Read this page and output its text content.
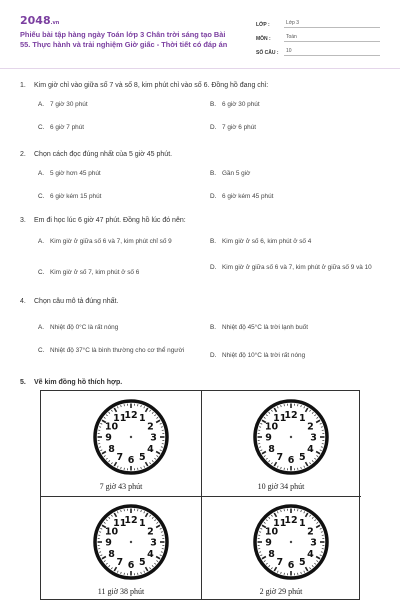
2048.vn
Phiếu bài tập hàng ngày Toán lớp 3 Chân trời sáng tạo Bài 55. Thực hành và trải nghiệm Giờ giấc - Thời tiết có đáp án
LỚP :	Lớp 3
MÔN :	Toán
SỐ CÂU :	10
1. Kim giờ chỉ vào giữa số 7 và số 8, kim phút chỉ vào số 6. Đồng hồ đang chỉ:
A. 7 giờ 30 phút	B. 6 giờ 30 phút
C. 6 giờ 7 phút	D. 7 giờ 6 phút
2. Chọn cách đọc đúng nhất của 5 giờ 45 phút.
A. 5 giờ hơn 45 phút	B. Gần 5 giờ
C. 6 giờ kém 15 phút	D. 6 giờ kém 45 phút
3. Em đi học lúc 6 giờ 47 phút. Đồng hồ lúc đó nên:
A. Kim giờ ở giữa số 6 và 7, kim phút chỉ số 9	B. Kim giờ ở số 6, kim phút ở số 4
C. Kim giờ ở số 7, kim phút ở số 6
D. Kim giờ ở giữa số 6 và 7, kim phút ở giữa số 9 và 10
4. Chọn câu mô tả đúng nhất.
A. Nhiệt độ 0°C là rất nóng	B. Nhiệt độ 45°C là trời lạnh buốt
C. Nhiệt độ 37°C là bình thường cho cơ thể người
D. Nhiệt độ 10°C là trời rất nóng
5. Vẽ kim đồng hồ thích hợp.
12 1
2
3
4
5
6
7
8
9
10
11
7 giờ 43 phút
12 1
2
3
4
5
6
7
8
9
10
11
10 giờ 34 phút
12 1
2
3
4
5
6
7
8
9
10
11
11 giờ 38 phút
12 1
2
3
4
5
6
7
8
9
10
11
2 giờ 29 phút
